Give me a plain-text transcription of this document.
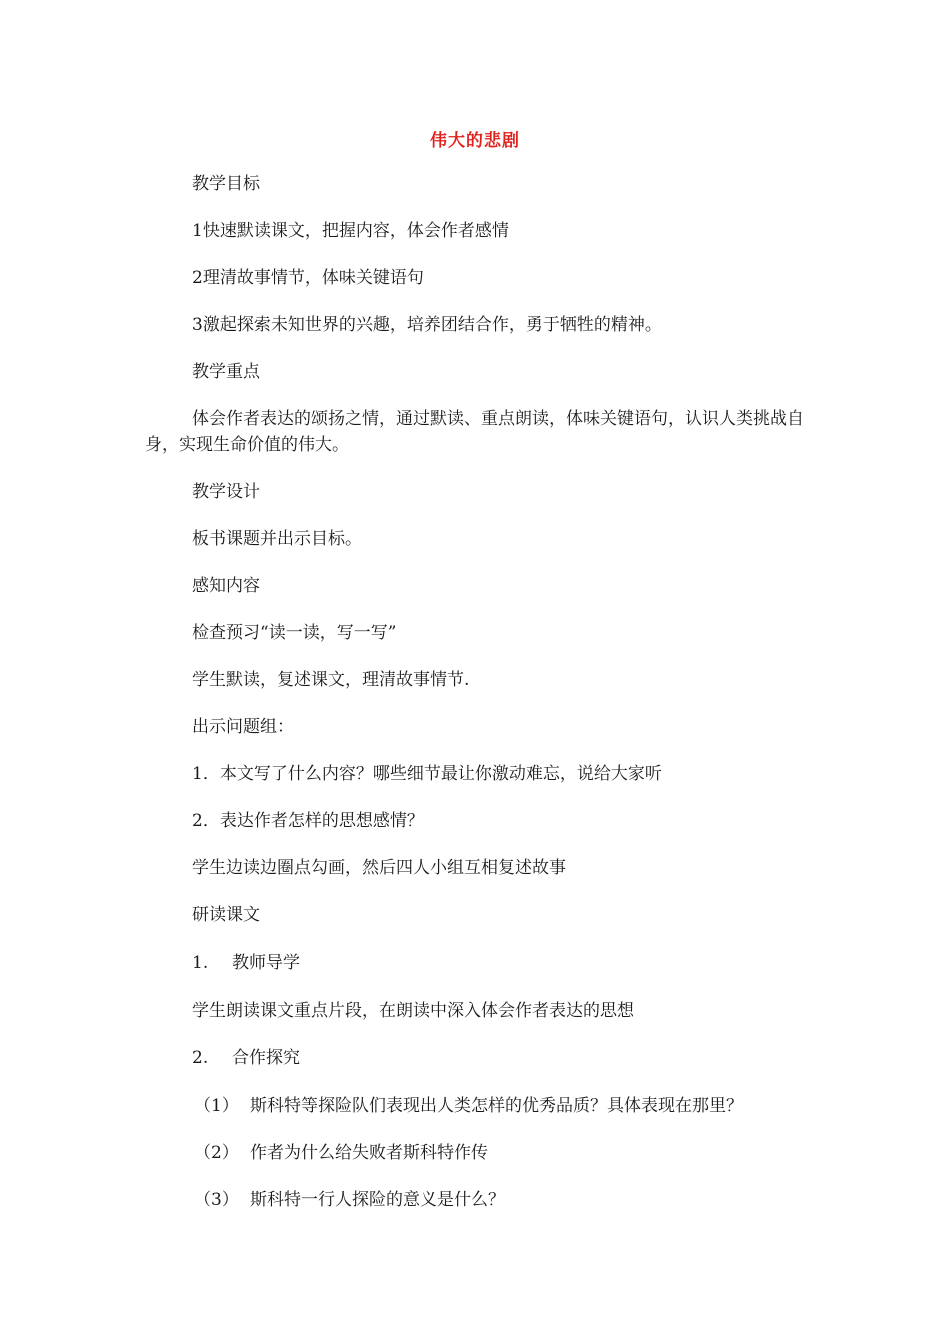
伟大的悲剧
教学目标
1快速默读课文，把握内容，体会作者感情
2理清故事情节，体味关键语句
3激起探索未知世界的兴趣，培养团结合作，勇于牺牲的精神。
教学重点
体会作者表达的颂扬之情，通过默读、重点朗读，体味关键语句，认识人类挑战自身，实现生命价值的伟大。
教学设计
板书课题并出示目标。
感知内容
检查预习“读一读，写一写”
学生默读，复述课文，理清故事情节.
出示问题组：
1．本文写了什么内容？哪些细节最让你激动难忘，说给大家听
2．表达作者怎样的思想感情？
学生边读边圈点勾画，然后四人小组互相复述故事
研读课文
1. 教师导学
学生朗读课文重点片段，在朗读中深入体会作者表达的思想
2. 合作探究
（1） 斯科特等探险队们表现出人类怎样的优秀品质？具体表现在那里？
（2） 作者为什么给失败者斯科特作传
（3） 斯科特一行人探险的意义是什么？
